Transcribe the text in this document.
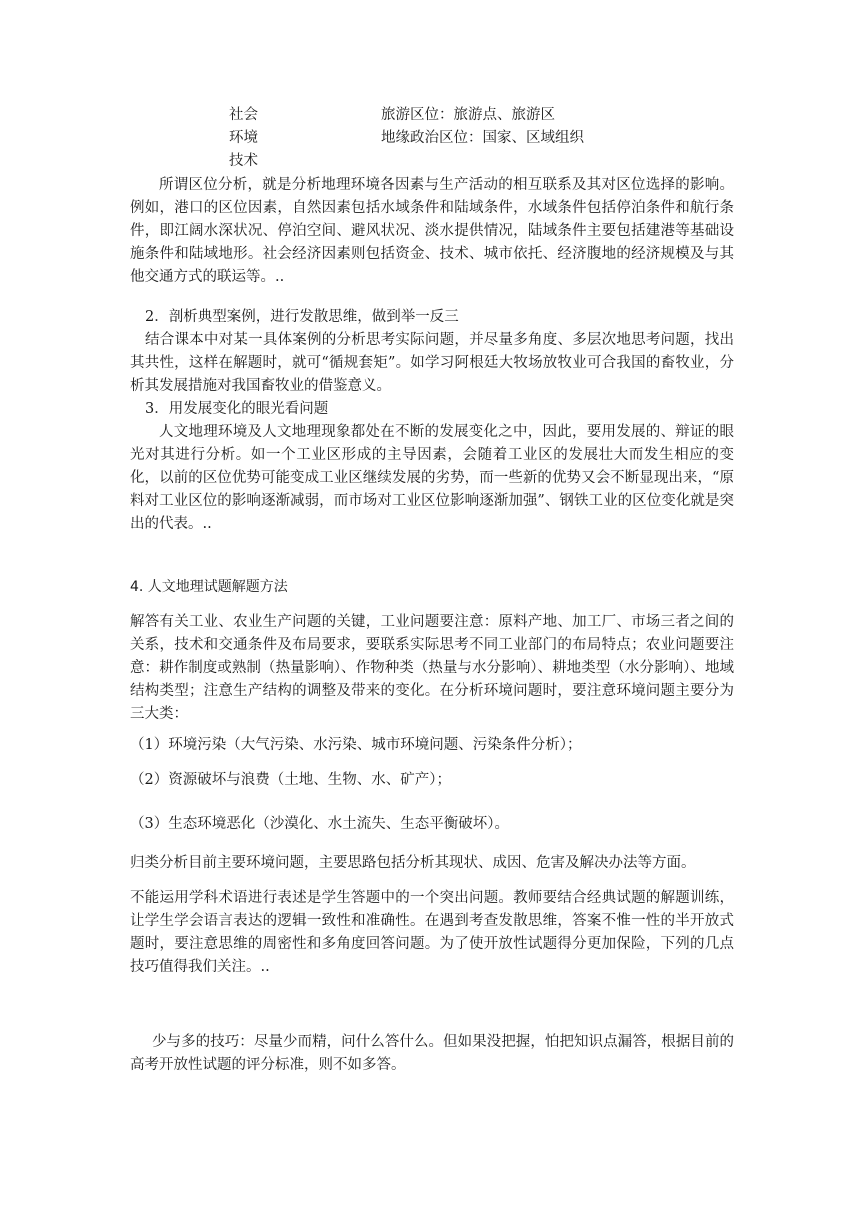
社会
环境
技术
旅游区位：旅游点、旅游区
地缘政治区位：国家、区域组织

所谓区位分析，就是分析地理环境各因素与生产活动的相互联系及其对区位选择的影响。例如，港口的区位因素，自然因素包括水域条件和陆域条件，水域条件包括停泊条件和航行条件，即江阔水深状况、停泊空间、避风状况、淡水提供情况，陆域条件主要包括建港等基础设施条件和陆域地形。社会经济因素则包括资金、技术、城市依托、经济腹地的经济规模及与其他交通方式的联运等。..

2．剖析典型案例，进行发散思维，做到举一反三

结合课本中对某一具体案例的分析思考实际问题，并尽量多角度、多层次地思考问题，找出其共性，这样在解题时，就可“循规套矩”。如学习阿根廷大牧场放牧业可合我国的畜牧业，分析其发展措施对我国畜牧业的借鉴意义。

3．用发展变化的眼光看问题

人文地理环境及人文地理现象都处在不断的发展变化之中，因此，要用发展的、辩证的眼光对其进行分析。如一个工业区形成的主导因素，会随着工业区的发展壮大而发生相应的变化，以前的区位优势可能变成工业区继续发展的劣势，而一些新的优势又会不断显现出来，“原料对工业区位的影响逐渐减弱，而市场对工业区位影响逐渐加强”、钢铁工业的区位变化就是突出的代表。..

4. 人文地理试题解题方法

解答有关工业、农业生产问题的关键，工业问题要注意：原料产地、加工厂、市场三者之间的关系，技术和交通条件及布局要求，要联系实际思考不同工业部门的布局特点；农业问题要注意：耕作制度或熟制（热量影响）、作物种类（热量与水分影响）、耕地类型（水分影响）、地域结构类型；注意生产结构的调整及带来的变化。在分析环境问题时，要注意环境问题主要分为三大类：

（1）环境污染（大气污染、水污染、城市环境问题、污染条件分析）；
（2）资源破坏与浪费（土地、生物、水、矿产）；
（3）生态环境恶化（沙漠化、水土流失、生态平衡破坏）。
归类分析目前主要环境问题，主要思路包括分析其现状、成因、危害及解决办法等方面。

不能运用学科术语进行表述是学生答题中的一个突出问题。教师要结合经典试题的解题训练，让学生学会语言表达的逻辑一致性和准确性。在遇到考查发散思维，答案不惟一性的半开放式题时，要注意思维的周密性和多角度回答问题。为了使开放性试题得分更加保险，下列的几点技巧值得我们关注。..

少与多的技巧：尽量少而精，问什么答什么。但如果没把握，怕把知识点漏答，根据目前的高考开放性试题的评分标准，则不如多答。
